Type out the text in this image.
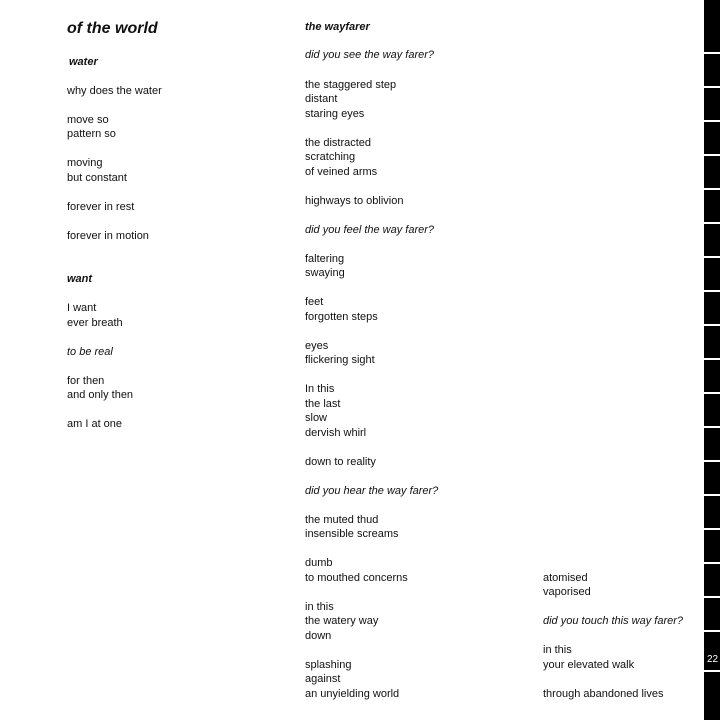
of the world
water
why does the water
move so
pattern so
moving
but constant
forever in rest
forever in motion
want
I want
ever breath
to be real
for then
and only then
am I at one
the wayfarer
did you see the way farer?
the staggered step
distant
staring eyes
the distracted
scratching
of veined arms
highways to oblivion
did you feel the way farer?
faltering
swaying
feet
forgotten steps
eyes
flickering sight
In this
the last
slow
dervish whirl
down to reality
did you hear the way farer?
the muted thud
insensible screams
dumb
to mouthed concerns
in this
the watery way
down
splashing
against
an unyielding world
atomised
vaporised
did you touch this way farer?
in this
your elevated walk
through abandoned lives
22
